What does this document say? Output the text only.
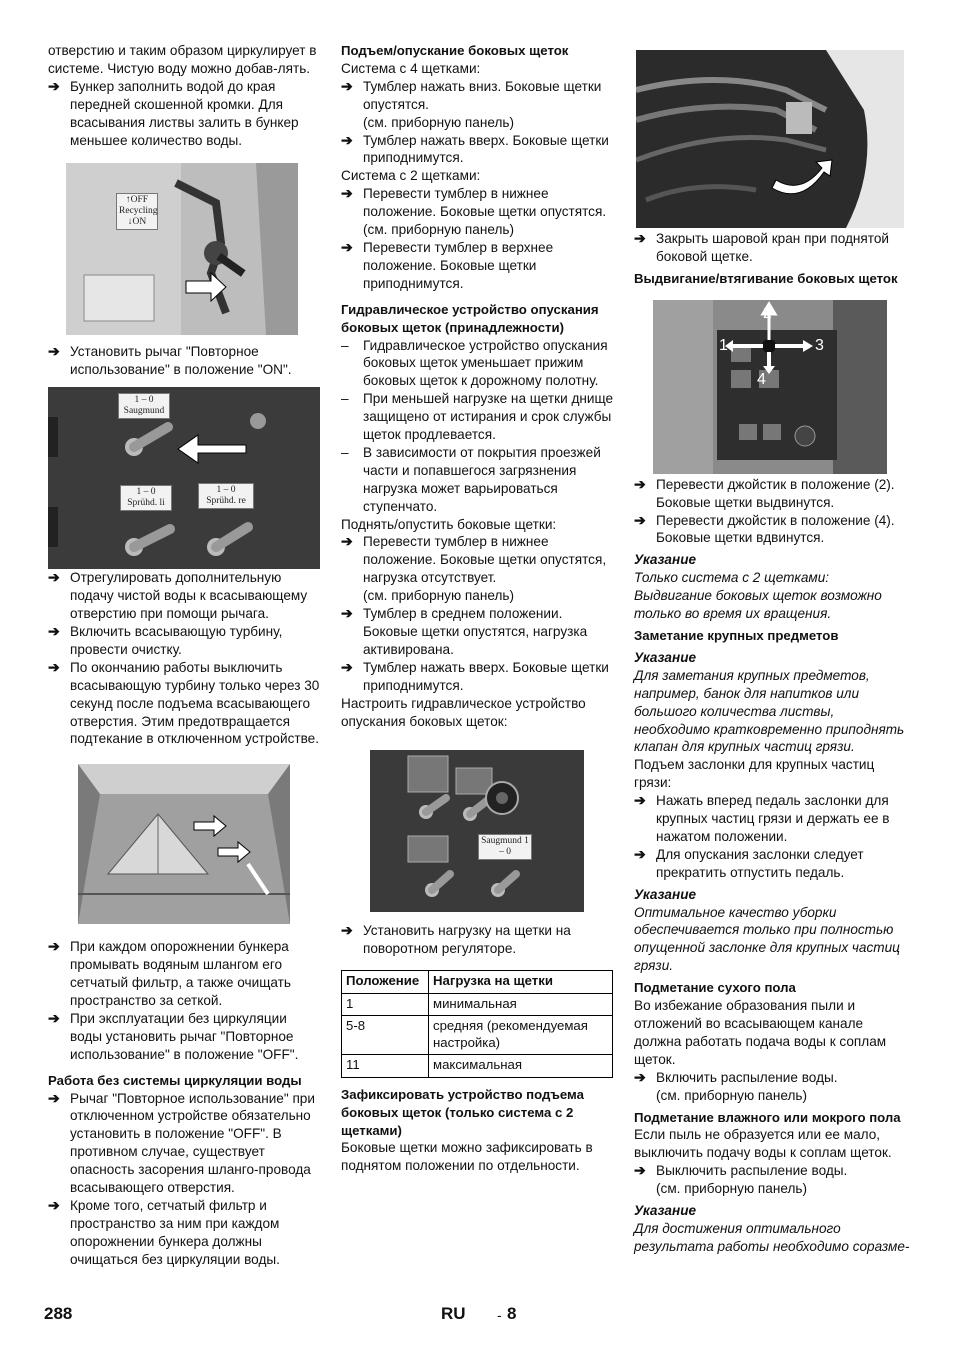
отверстию и таким образом циркулирует в системе. Чистую воду можно добав-лять.

➔ Бункер заполнить водой до края передней скошенной кромки. Для всасывания листвы залить в бункер меньшее количество воды.
↑OFF Recycling ↓ON
➔ Установить рычаг "Повторное использование" в положение "ON".
1 – 0 Saugmund
1 – 0 Sprühd. li
1 – 0 Sprühd. re
➔ Отрегулировать дополнительную подачу чистой воды к всасывающему отверстию при помощи рычага.
➔ Включить всасывающую турбину, провести очистку.
➔ По окончанию работы выключить всасывающую турбину только через 30 секунд после подъема всасывающего отверстия. Этим предотвращается подтекание в отключенном устройстве.
➔ При каждом опорожнении бункера промывать водяным шлангом его сетчатый фильтр, а также очищать пространство за сеткой.
➔ При эксплуатации без циркуляции воды установить рычаг "Повторное использование" в положение "OFF".

Работа без системы циркуляции воды

➔ Рычаг "Повторное использование" при отключенном устройстве обязательно установить в положение "OFF". В противном случае, существует опасность засорения шланго-провода всасывающего отверстия.
➔ Кроме того, сетчатый фильтр и пространство за ним при каждом опорожнении бункера должны очищаться без циркуляции воды.

Подъем/опускание боковых щеток

Система с 4 щетками:

➔ Тумблер нажать вниз. Боковые щетки опустятся.

(см. приборную панель)

➔ Тумблер нажать вверх. Боковые щетки приподнимутся.

Система с 2 щетками:

➔ Перевести тумблер в нижнее положение. Боковые щетки опустятся.

(см. приборную панель)

➔ Перевести тумблер в верхнее положение. Боковые щетки приподнимутся.

Гидравлическое устройство опускания боковых щеток (принадлежности)

–	Гидравлическое устройство опускания боковых щеток уменьшает прижим боковых щеток к дорожному полотну.
–	При меньшей нагрузке на щетки днище защищено от истирания и срок службы щеток продлевается.
–	В зависимости от покрытия проезжей части и попавшегося загрязнения нагрузка может варьироваться ступенчато.

Поднять/опустить боковые щетки:

➔ Перевести тумблер в нижнее положение. Боковые щетки опустятся, нагрузка отсутствует.

(см. приборную панель)

➔ Тумблер в среднем положении. Боковые щетки опустятся, нагрузка активирована.
➔ Тумблер нажать вверх. Боковые щетки приподнимутся.

Настроить гидравлическое устройство опускания боковых щеток:

Saugmund 1 – 0
➔ Установить нагрузку на щетки на поворотном регуляторе.
Положение	Нагрузка на щетки
1	минимальная
5-8	средняя (рекомендуемая настройка)
11	максимальная

Зафиксировать устройство подъема боковых щеток (только система с 2 щетками)

Боковые щетки можно зафиксировать в поднятом положении по отдельности.

➔ Закрыть шаровой кран при поднятой боковой щетке.

Выдвигание/втягивание боковых щеток

1
2
3
4
➔ Перевести джойстик в положение (2). Боковые щетки выдвинутся.
➔ Перевести джойстик в положение (4). Боковые щетки вдвинутся.

Указание

Только система с 2 щетками: Выдвигание боковых щеток возможно только во время их вращения.

Заметание крупных предметов

Указание

Для заметания крупных предметов, например, банок для напитков или большого количества листвы, необходимо кратковременно приподнять клапан для крупных частиц грязи.

Подъем заслонки для крупных частиц грязи:

➔ Нажать вперед педаль заслонки для крупных частиц грязи и держать ее в нажатом положении.
➔ Для опускания заслонки следует прекратить отпустить педаль.

Указание

Оптимальное качество уборки обеспечивается только при полностью опущенной заслонке для крупных частиц грязи.

Подметание сухого пола

Во избежание образования пыли и отложений во всасывающем канале должна работать подача воды к соплам щеток.

➔ Включить распыление воды.

(см. приборную панель)

Подметание влажного или мокрого пола

Если пыль не образуется или ее мало, выключить подачу воды к соплам щеток.

➔ Выключить распыление воды.

(см. приборную панель)

Указание

Для достижения оптимального результата работы необходимо соразме-

288	RU - 8
